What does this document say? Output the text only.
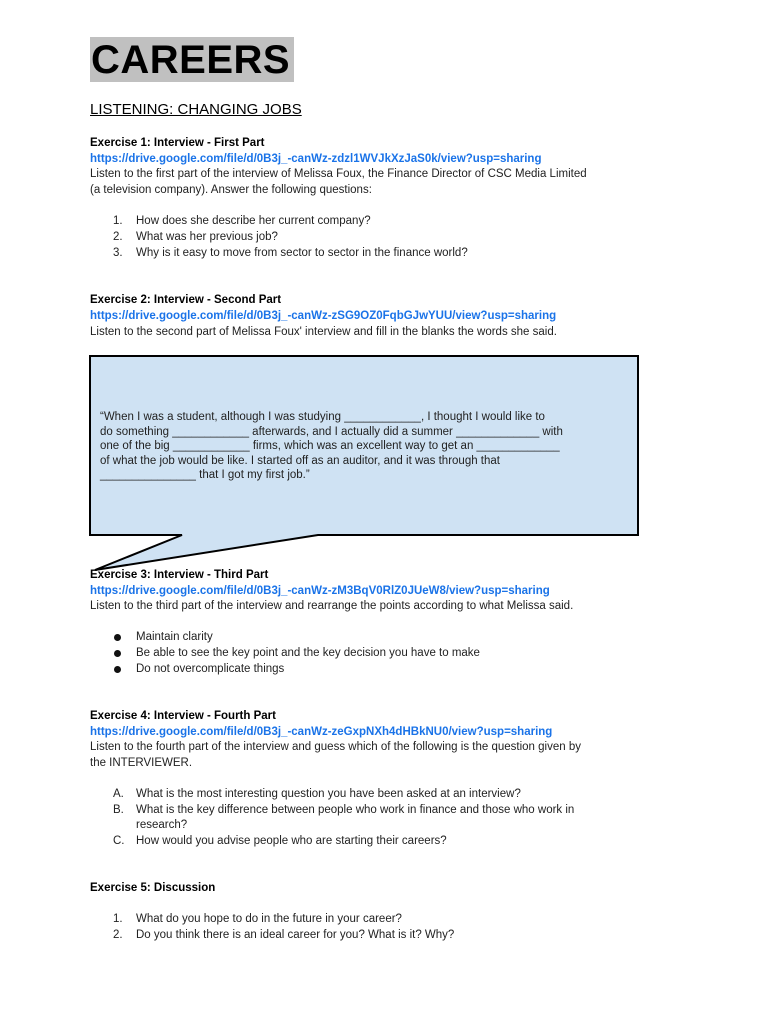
CAREERS
LISTENING: CHANGING JOBS
Exercise 1: Interview - First Part
https://drive.google.com/file/d/0B3j_-canWz-zdzl1WVJkXzJaS0k/view?usp=sharing
Listen to the first part of the interview of Melissa Foux, the Finance Director of CSC Media Limited
(a television company). Answer the following questions:
1. How does she describe her current company?
2. What was her previous job?
3. Why is it easy to move from sector to sector in the finance world?
Exercise 2: Interview - Second Part
https://drive.google.com/file/d/0B3j_-canWz-zSG9OZ0FqbGJwYUU/view?usp=sharing
Listen to the second part of Melissa Foux' interview and fill in the blanks the words she said.
“When I was a student, although I was studying ____________, I thought I would like to
do something ____________ afterwards, and I actually did a summer _____________ with
one of the big ____________ firms, which was an excellent way to get an _____________
of what the job would be like. I started off as an auditor, and it was through that
_______________ that I got my first job.”
Exercise 3: Interview - Third Part
https://drive.google.com/file/d/0B3j_-canWz-zM3BqV0RlZ0JUeW8/view?usp=sharing
Listen to the third part of the interview and rearrange the points according to what Melissa said.
Maintain clarity
Be able to see the key point and the key decision you have to make
Do not overcomplicate things
Exercise 4: Interview - Fourth Part
https://drive.google.com/file/d/0B3j_-canWz-zeGxpNXh4dHBkNU0/view?usp=sharing
Listen to the fourth part of the interview and guess which of the following is the question given by
the INTERVIEWER.
A. What is the most interesting question you have been asked at an interview?
B. What is the key difference between people who work in finance and those who work in
research?
C. How would you advise people who are starting their careers?
Exercise 5: Discussion
1. What do you hope to do in the future in your career?
2. Do you think there is an ideal career for you? What is it? Why?
